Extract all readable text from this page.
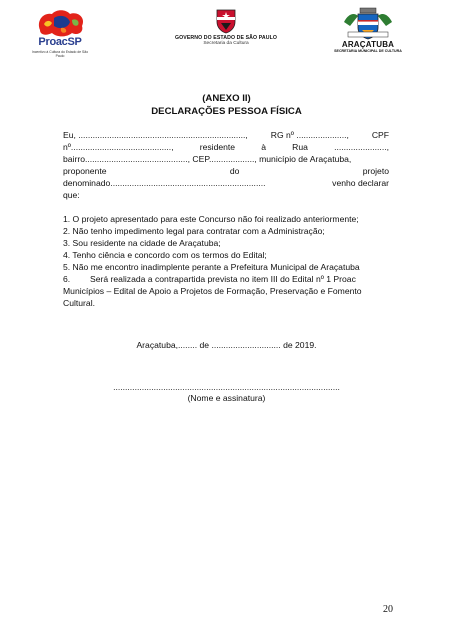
ProacSP
Incentivo à Cultura do Estado de São Paulo
GOVERNO DO ESTADO DE SÃO PAULO
Secretaria da Cultura	ARAÇATUBA
SECRETARIA MUNICIPAL DE CULTURA
(ANEXO II)
DECLARAÇÕES PESSOA FÍSICA
Eu, ......................................................................,	RG nº .....................,	CPF
nº..........................................,	residente	à	Rua	......................,
bairro..........................................., CEP..................., município de Araçatuba,
proponente	do	projeto
denominado.................................................................	venho declarar
que:
1. O projeto apresentado para este Concurso não foi realizado anteriormente;
2. Não tenho impedimento legal para contratar com a Administração;
3. Sou residente na cidade de Araçatuba;
4. Tenho ciência e concordo com os termos do Edital;
5. Não me encontro inadimplente perante a Prefeitura Municipal de Araçatuba
6.	Será realizada a contrapartida prevista no item III do Edital nº 1 Proac
Municípios – Edital de Apoio a Projetos de Formação, Preservação e Fomento
Cultural.
Araçatuba,........ de ............................. de 2019.
...............................................................................................
(Nome e assinatura)
20
